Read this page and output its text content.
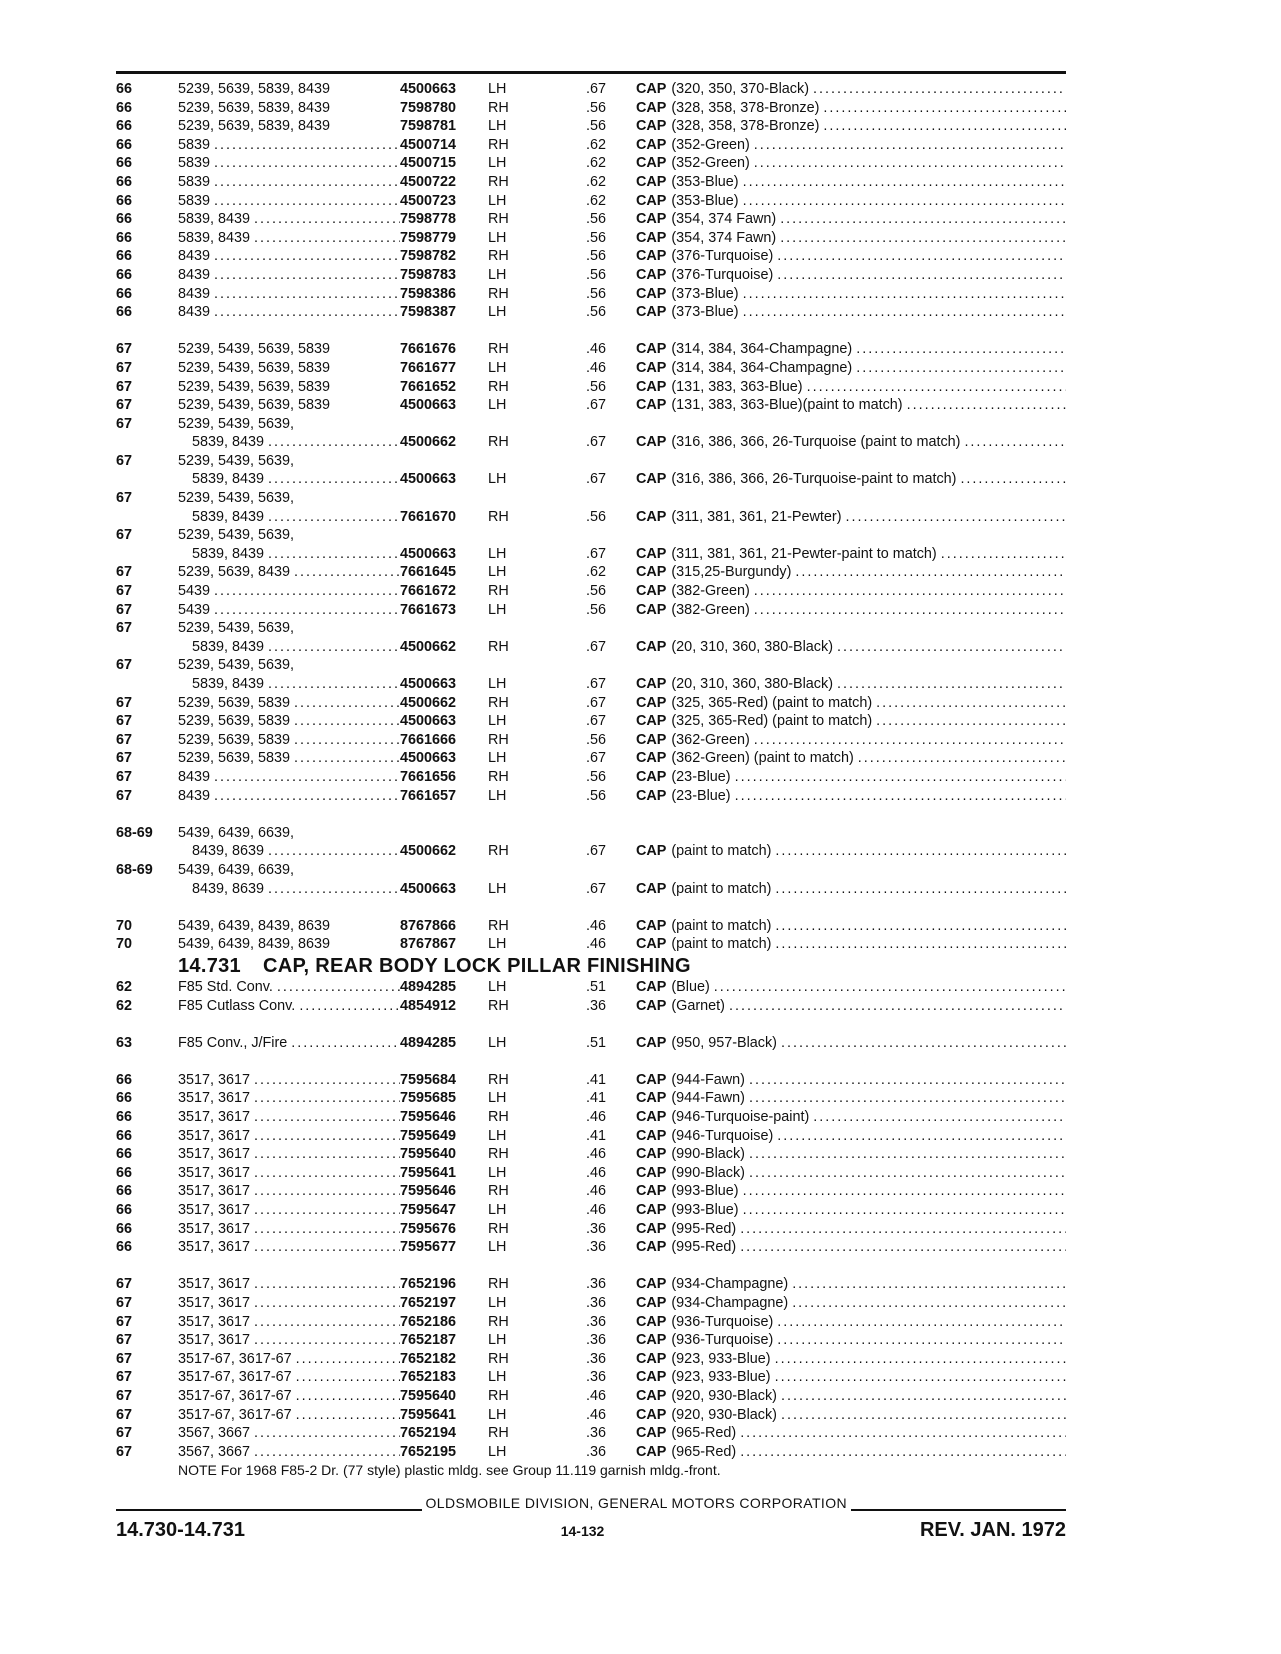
66	5239, 5639, 5839, 8439	4500663	LH	.67	CAP (320, 350, 370-Black)
.....
66	5239, 5639, 5839, 8439	7598780	RH	.56	CAP (328, 358, 378-Bronze)
.....
66	5239, 5639, 5839, 8439	7598781	LH	.56	CAP (328, 358, 378-Bronze)
.....
66	5839 .....	4500714	RH	.62	CAP (352-Green)
.....
66	5839 .....	4500715	LH	.62	CAP (352-Green)
.....
66	5839 .....	4500722	RH	.62	CAP (353-Blue)
.....
66	5839 .....	4500723	LH	.62	CAP (353-Blue)
.....
66	5839, 8439 .....	7598778	RH	.56	CAP (354, 374 Fawn)
.....
66	5839, 8439 .....	7598779	LH	.56	CAP (354, 374 Fawn)
.....
66	8439 .....	7598782	RH	.56	CAP (376-Turquoise)
.....
66	8439 .....	7598783	LH	.56	CAP (376-Turquoise)
.....
66	8439 .....	7598386	RH	.56	CAP (373-Blue)
.....
66	8439 .....	7598387	LH	.56	CAP (373-Blue)
.....
67	5239, 5439, 5639, 5839	7661676	RH	.46	CAP (314, 384, 364-Champagne)
.....
67	5239, 5439, 5639, 5839	7661677	LH	.46	CAP (314, 384, 364-Champagne)
.....
67	5239, 5439, 5639, 5839	7661652	RH	.56	CAP (131, 383, 363-Blue)
.....
67	5239, 5439, 5639, 5839	4500663	LH	.67	CAP (131, 383, 363-Blue)(paint to match)
.....
67	5239, 5439, 5639,
5839, 8439 .....	4500662	RH	.67	CAP (316, 386, 366, 26-Turquoise (paint to match)
.....
67	5239, 5439, 5639,
5839, 8439 .....	4500663	LH	.67	CAP (316, 386, 366, 26-Turquoise-paint to match)
.....
67	5239, 5439, 5639,
5839, 8439 .....	7661670	RH	.56	CAP (311, 381, 361, 21-Pewter)
.....
67	5239, 5439, 5639,
5839, 8439 .....	4500663	LH	.67	CAP (311, 381, 361, 21-Pewter-paint to match)
.....
67	5239, 5639, 8439 .....	7661645	LH	.62	CAP (315,25-Burgundy)
.....
67	5439 .....	7661672	RH	.56	CAP (382-Green)
.....
67	5439 .....	7661673	LH	.56	CAP (382-Green)
.....
67	5239, 5439, 5639,
5839, 8439 .....	4500662	RH	.67	CAP (20, 310, 360, 380-Black)
.....
67	5239, 5439, 5639,
5839, 8439 .....	4500663	LH	.67	CAP (20, 310, 360, 380-Black)
.....
67	5239, 5639, 5839 .....	4500662	RH	.67	CAP (325, 365-Red) (paint to match)
.....
67	5239, 5639, 5839 .....	4500663	LH	.67	CAP (325, 365-Red) (paint to match)
.....
67	5239, 5639, 5839 .....	7661666	RH	.56	CAP (362-Green)
.....
67	5239, 5639, 5839 .....	4500663	LH	.67	CAP (362-Green) (paint to match)
.....
67	8439 .....	7661656	RH	.56	CAP (23-Blue)
.....
67	8439 .....	7661657	LH	.56	CAP (23-Blue)
.....
68-69	5439, 6439, 6639,
8439, 8639 .....	4500662	RH	.67	CAP (paint to match)
.....
68-69	5439, 6439, 6639,
8439, 8639 .....	4500663	LH	.67	CAP (paint to match)
.....
70	5439, 6439, 8439, 8639	8767866	RH	.46	CAP (paint to match)
.....
70	5439, 6439, 8439, 8639	8767867	LH	.46	CAP (paint to match)
.....
14.731 CAP, REAR BODY LOCK PILLAR FINISHING
62	F85 Std. Conv. .....	4894285	LH	.51	CAP (Blue)
.....
62	F85 Cutlass Conv. .....	4854912	RH	.36	CAP (Garnet)
.....
63	F85 Conv., J/Fire .....	4894285	LH	.51	CAP (950, 957-Black)
.....
66	3517, 3617 .....	7595684	RH	.41	CAP (944-Fawn)
.....
66	3517, 3617 .....	7595685	LH	.41	CAP (944-Fawn)
.....
66	3517, 3617 .....	7595646	RH	.46	CAP (946-Turquoise-paint)
.....
66	3517, 3617 .....	7595649	LH	.41	CAP (946-Turquoise)
.....
66	3517, 3617 .....	7595640	RH	.46	CAP (990-Black)
.....
66	3517, 3617 .....	7595641	LH	.46	CAP (990-Black)
.....
66	3517, 3617 .....	7595646	RH	.46	CAP (993-Blue)
.....
66	3517, 3617 .....	7595647	LH	.46	CAP (993-Blue)
.....
66	3517, 3617 .....	7595676	RH	.36	CAP (995-Red)
.....
66	3517, 3617 .....	7595677	LH	.36	CAP (995-Red)
.....
67	3517, 3617 .....	7652196	RH	.36	CAP (934-Champagne)
.....
67	3517, 3617 .....	7652197	LH	.36	CAP (934-Champagne)
.....
67	3517, 3617 .....	7652186	RH	.36	CAP (936-Turquoise)
.....
67	3517, 3617 .....	7652187	LH	.36	CAP (936-Turquoise)
.....
67	3517-67, 3617-67 .....	7652182	RH	.36	CAP (923, 933-Blue)
.....
67	3517-67, 3617-67 .....	7652183	LH	.36	CAP (923, 933-Blue)
.....
67	3517-67, 3617-67 .....	7595640	RH	.46	CAP (920, 930-Black)
.....
67	3517-67, 3617-67 .....	7595641	LH	.46	CAP (920, 930-Black)
.....
67	3567, 3667 .....	7652194	RH	.36	CAP (965-Red)
.....
67	3567, 3667 .....	7652195	LH	.36	CAP (965-Red)
.....
NOTE For 1968 F85-2 Dr. (77 style) plastic mldg. see Group 11.119 garnish mldg.-front.
OLDSMOBILE DIVISION, GENERAL MOTORS CORPORATION
14.730-14.731	14-132	REV. JAN. 1972
